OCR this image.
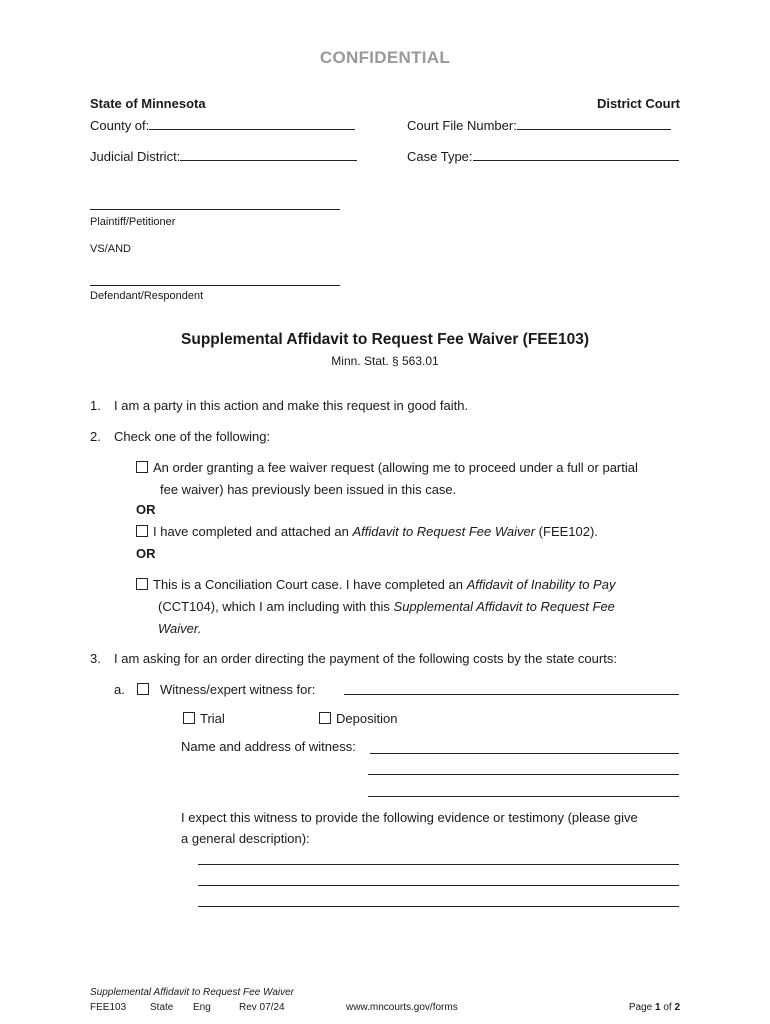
CONFIDENTIAL
State of Minnesota	District Court
County of:	Court File Number:
Judicial District:	Case Type:
Plaintiff/Petitioner
VS/AND
Defendant/Respondent
Supplemental Affidavit to Request Fee Waiver (FEE103)
Minn. Stat. § 563.01
1. I am a party in this action and make this request in good faith.
2. Check one of the following:
An order granting a fee waiver request (allowing me to proceed under a full or partial
fee waiver) has previously been issued in this case.
OR
I have completed and attached an Affidavit to Request Fee Waiver (FEE102).
OR
This is a Conciliation Court case. I have completed an Affidavit of Inability to Pay
(CCT104), which I am including with this Supplemental Affidavit to Request Fee
Waiver.
3. I am asking for an order directing the payment of the following costs by the state courts:
a.	Witness/expert witness for:
Trial	Deposition
Name and address of witness:
I expect this witness to provide the following evidence or testimony (please give
a general description):
Supplemental Affidavit to Request Fee Waiver
FEE103 State Eng	Rev 07/24	www.mncourts.gov/forms	Page 1 of 2
